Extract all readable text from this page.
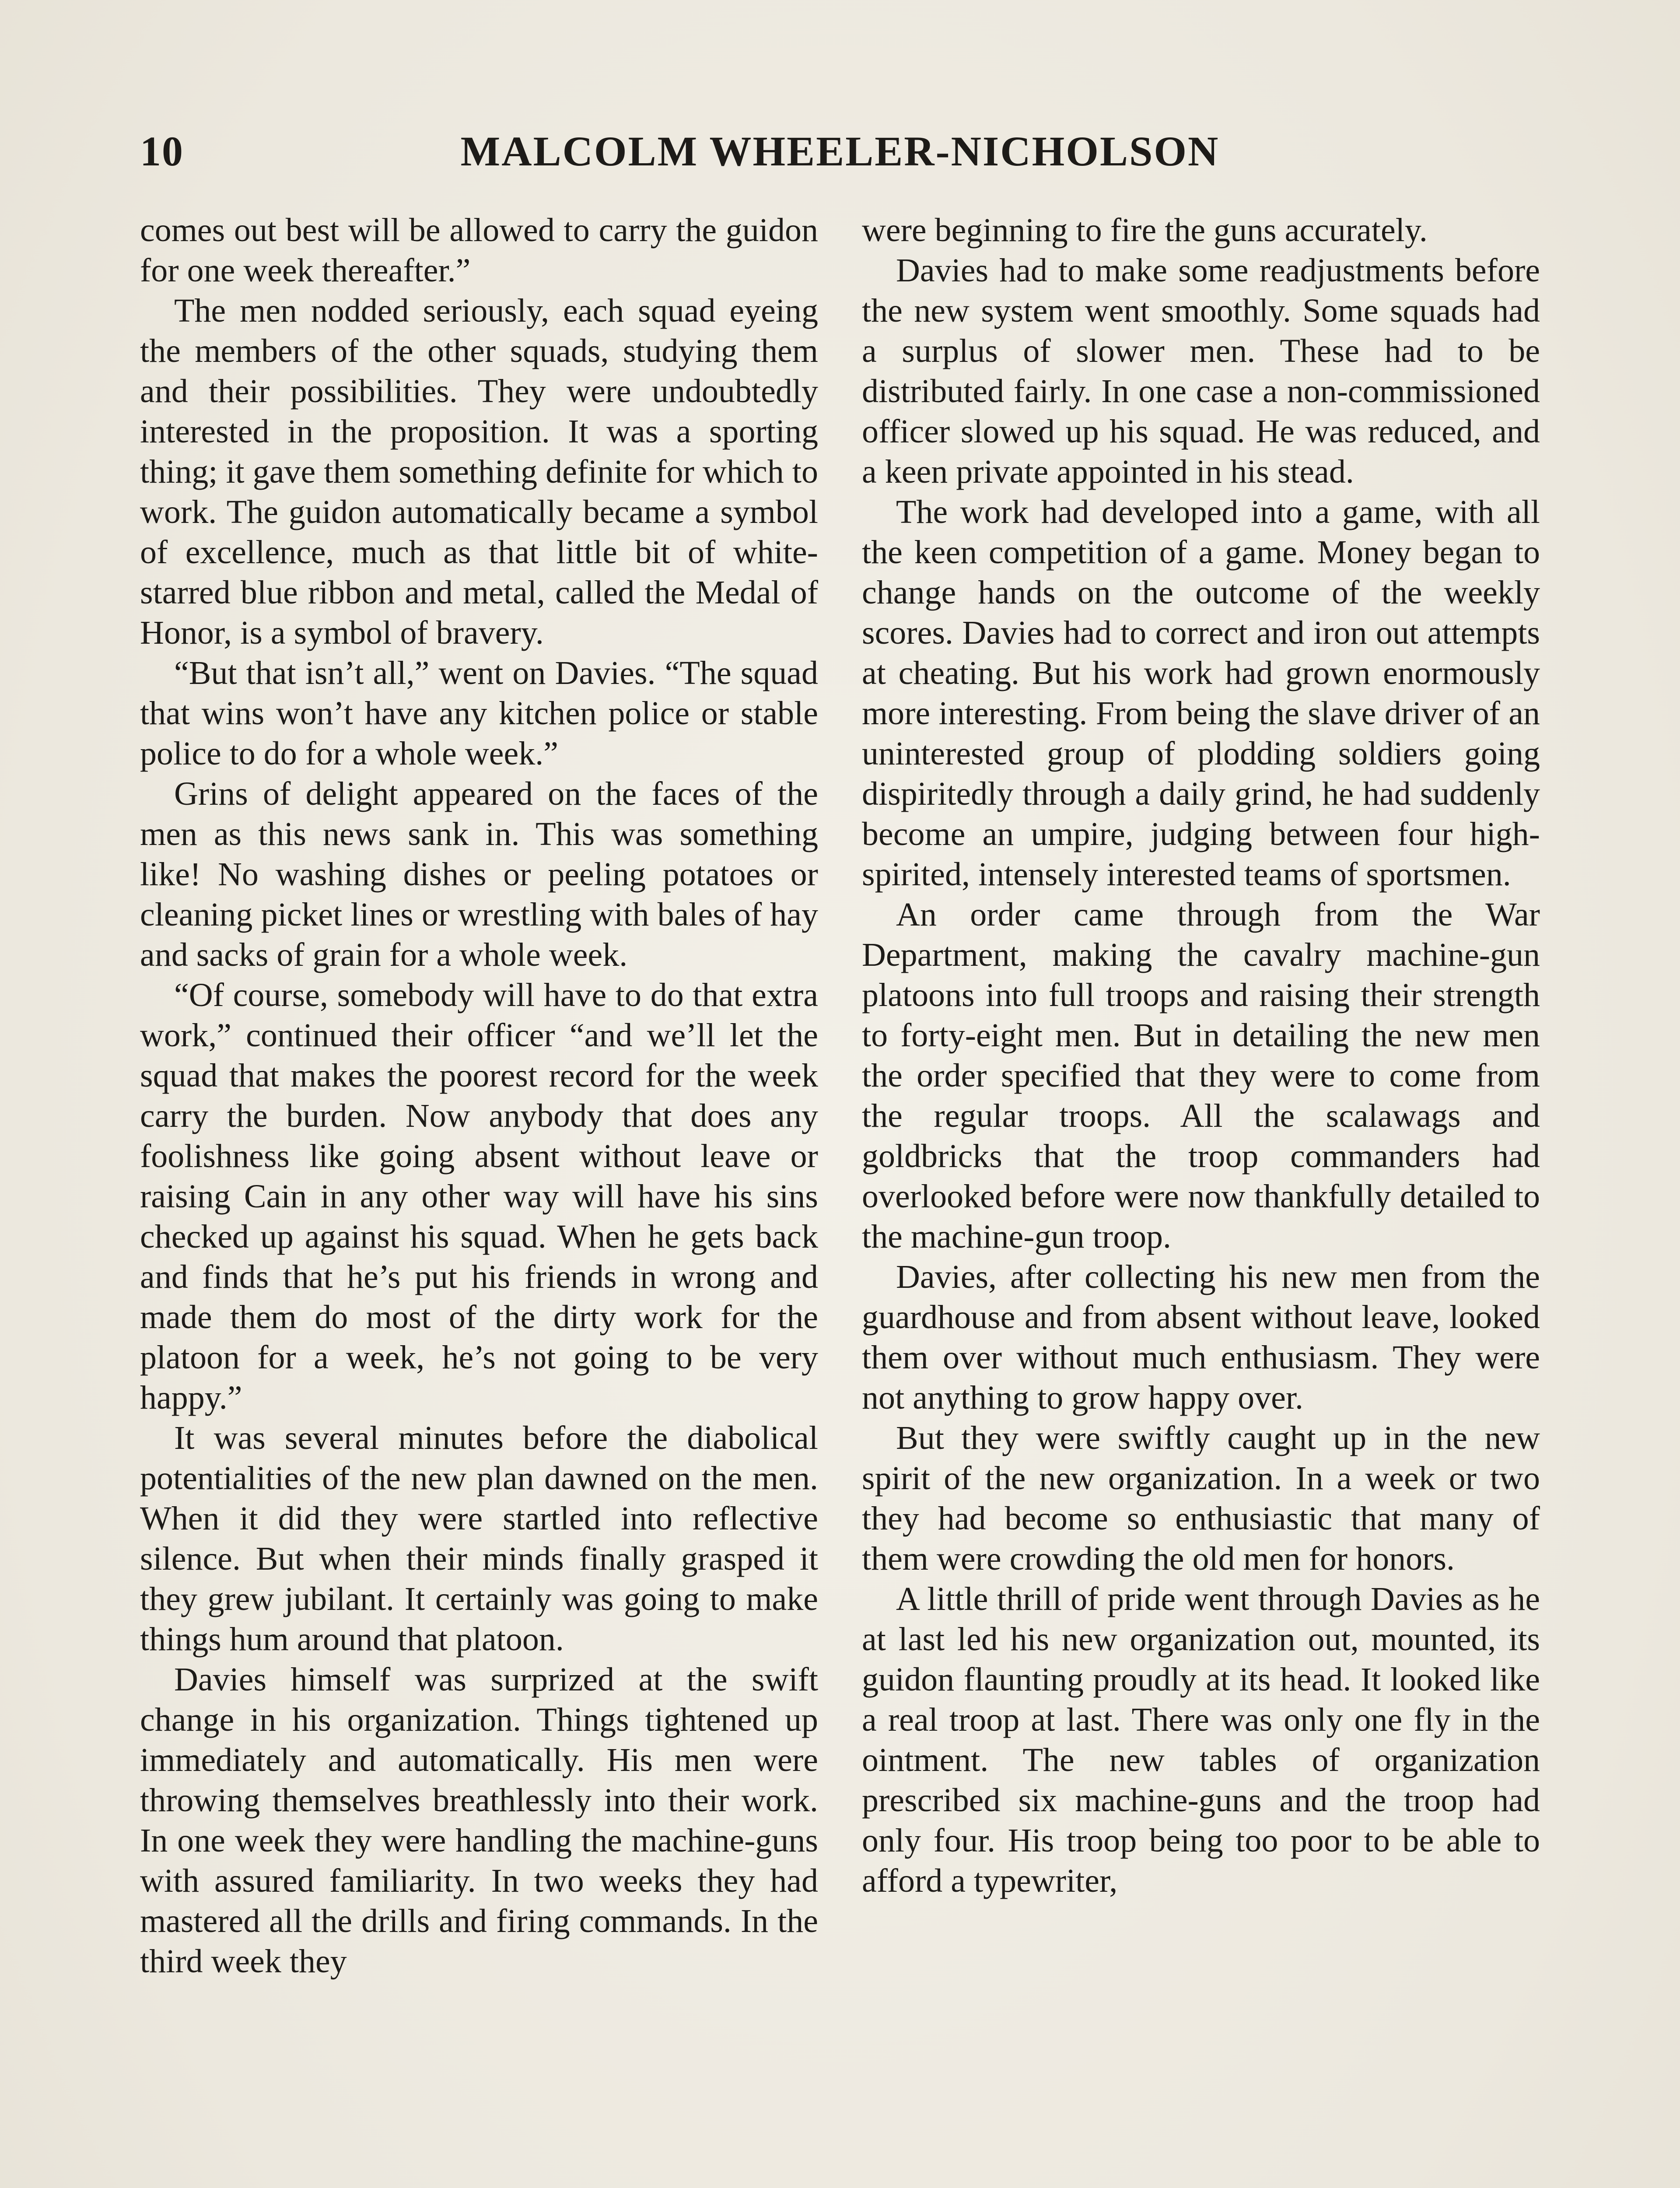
10	MALCOLM WHEELER-NICHOLSON

comes out best will be allowed to carry the guidon for one week thereafter.”

The men nodded seriously, each squad eyeing the members of the other squads, studying them and their possibilities. They were undoubtedly interested in the proposition. It was a sporting thing; it gave them something definite for which to work. The guidon automatically became a symbol of excellence, much as that little bit of white-starred blue ribbon and metal, called the Medal of Honor, is a symbol of bravery.

“But that isn’t all,” went on Davies. “The squad that wins won’t have any kitchen police or stable police to do for a whole week.”

Grins of delight appeared on the faces of the men as this news sank in. This was something like! No washing dishes or peeling potatoes or cleaning picket lines or wrestling with bales of hay and sacks of grain for a whole week.

“Of course, somebody will have to do that extra work,” continued their officer “and we’ll let the squad that makes the poorest record for the week carry the burden. Now anybody that does any foolishness like going absent without leave or raising Cain in any other way will have his sins checked up against his squad. When he gets back and finds that he’s put his friends in wrong and made them do most of the dirty work for the platoon for a week, he’s not going to be very happy.”

It was several minutes before the diabolical potentialities of the new plan dawned on the men. When it did they were startled into reflective silence. But when their minds finally grasped it they grew jubilant. It certainly was going to make things hum around that platoon.

Davies himself was surprized at the swift change in his organization. Things tightened up immediately and automatically. His men were throwing themselves breathlessly into their work. In one week they were handling the machine-guns with assured familiarity. In two weeks they had mastered all the drills and firing commands. In the third week they

were beginning to fire the guns accurately.

Davies had to make some readjustments before the new system went smoothly. Some squads had a surplus of slower men. These had to be distributed fairly. In one case a non-commissioned officer slowed up his squad. He was reduced, and a keen private appointed in his stead.

The work had developed into a game, with all the keen competition of a game. Money began to change hands on the outcome of the weekly scores. Davies had to correct and iron out attempts at cheating. But his work had grown enormously more interesting. From being the slave driver of an uninterested group of plodding soldiers going dispiritedly through a daily grind, he had suddenly become an umpire, judging between four high-spirited, intensely interested teams of sportsmen.

An order came through from the War Department, making the cavalry machine-gun platoons into full troops and raising their strength to forty-eight men. But in detailing the new men the order specified that they were to come from the regular troops. All the scalawags and goldbricks that the troop commanders had overlooked before were now thankfully detailed to the machine-gun troop.

Davies, after collecting his new men from the guardhouse and from absent without leave, looked them over without much enthusiasm. They were not anything to grow happy over.

But they were swiftly caught up in the new spirit of the new organization. In a week or two they had become so enthusiastic that many of them were crowding the old men for honors.

A little thrill of pride went through Davies as he at last led his new organization out, mounted, its guidon flaunting proudly at its head. It looked like a real troop at last. There was only one fly in the ointment. The new tables of organization prescribed six machine-guns and the troop had only four. His troop being too poor to be able to afford a typewriter,
